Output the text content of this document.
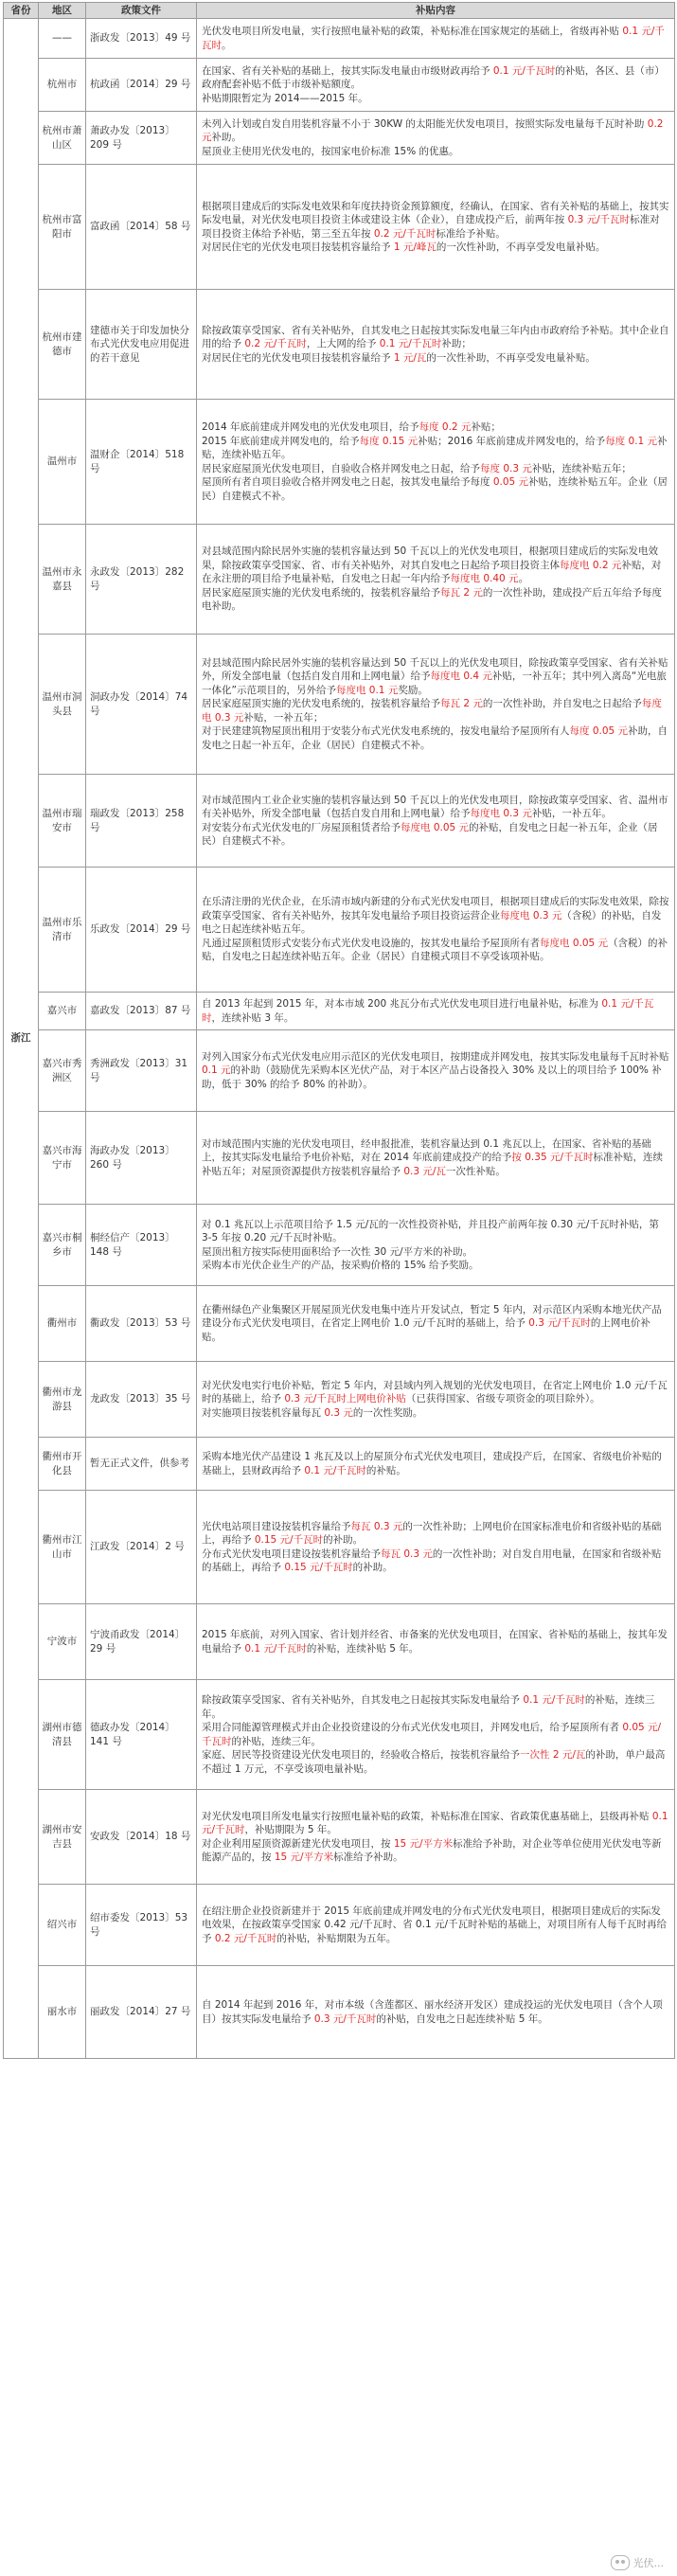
省份	地区	政策文件	补贴内容
浙江	——	浙政发〔2013〕49 号	光伏发电项目所发电量，实行按照电量补贴的政策，补贴标准在国家规定的基础上，省级再补贴 0.1 元/千瓦时。

	杭州市	杭政函〔2014〕29 号	在国家、省有关补贴的基础上，按其实际发电量由市级财政再给予 0.1 元/千瓦时的补贴，各区、县（市）政府配套补贴不低于市级补贴额度。

补贴期限暂定为 2014——2015 年。

	杭州市萧山区	萧政办发〔2013〕209 号	未列入计划或自发自用装机容量不小于 30KW 的太阳能光伏发电项目，按照实际发电量每千瓦时补助 0.2 元补助。

屋顶业主使用光伏发电的，按国家电价标准 15% 的优惠。

	杭州市富阳市	富政函〔2014〕58 号	根据项目建成后的实际发电效果和年度扶持资金预算额度，经确认，在国家、省有关补贴的基础上，按其实际发电量，对光伏发电项目投资主体或建设主体（企业），自建成投产后，前两年按 0.3 元/千瓦时标准对项目投资主体给予补贴，第三至五年按 0.2 元/千瓦时标准给予补贴。

对居民住宅的光伏发电项目按装机容量给予 1 元/峰瓦的一次性补助，不再享受发电量补贴。

	杭州市建德市	建德市关于印发加快分布式光伏发电应用促进的若干意见	除按政策享受国家、省有关补贴外，自其发电之日起按其实际发电量三年内由市政府给予补贴。其中企业自用的给予 0.2 元/千瓦时，上大网的给予 0.1 元/千瓦时补助；

对居民住宅的光伏发电项目按装机容量给予 1 元/瓦的一次性补助，不再享受发电量补贴。

	温州市	温财企〔2014〕518 号	2014 年底前建成并网发电的光伏发电项目，给予每度 0.2 元补贴；

2015 年底前建成并网发电的，给予每度 0.15 元补贴；2016 年底前建成并网发电的，给予每度 0.1 元补贴，连续补贴五年。

居民家庭屋顶光伏发电项目，自验收合格并网发电之日起，给予每度 0.3 元补贴，连续补贴五年；

屋顶所有者自项目验收合格并网发电之日起，按其发电量给予每度 0.05 元补贴，连续补贴五年。企业（居民）自建模式不补。

	温州市永嘉县	永政发〔2013〕282 号	对县域范围内除民居外实施的装机容量达到 50 千瓦以上的光伏发电项目，根据项目建成后的实际发电效果，除按政策享受国家、省、市有关补贴外，对其自发电之日起给予项目投资主体每度电 0.2 元补贴，对在永注册的项目给予电量补贴，自发电之日起一年内给予每度电 0.40 元。

居民家庭屋顶实施的光伏发电系统的，按装机容量给予每瓦 2 元的一次性补助，建成投产后五年给予每度电补助。

	温州市洞头县	洞政办发〔2014〕74 号	对县域范围内除民居外实施的装机容量达到 50 千瓦以上的光伏发电项目，除按政策享受国家、省有关补贴外，所发全部电量（包括自发自用和上网电量）给予每度电 0.4 元补贴，一补五年；其中列入离岛“光电旅一体化”示范项目的，另外给予每度电 0.1 元奖励。

居民家庭屋顶实施的光伏发电系统的，按装机容量给予每瓦 2 元的一次性补助，并自发电之日起给予每度电 0.3 元补贴，一补五年；

对于民建建筑物屋顶出租用于安装分布式光伏发电系统的，按发电量给予屋顶所有人每度 0.05 元补助，自发电之日起一补五年，企业（居民）自建模式不补。

	温州市瑞安市	瑞政发〔2013〕258 号	对市域范围内工业企业实施的装机容量达到 50 千瓦以上的光伏发电项目，除按政策享受国家、省、温州市有关补贴外，所发全部电量（包括自发自用和上网电量）给予每度电 0.3 元补贴，一补五年。

对安装分布式光伏发电的厂房屋顶租赁者给予每度电 0.05 元的补贴，自发电之日起一补五年，企业（居民）自建模式不补。

	温州市乐清市	乐政发〔2014〕29 号	在乐清注册的光伏企业，在乐清市域内新建的分布式光伏发电项目，根据项目建成后的实际发电效果，除按政策享受国家、省有关补贴外，按其年发电量给予项目投资运营企业每度电 0.3 元（含税）的补贴，自发电之日起连续补贴五年。

凡通过屋顶租赁形式安装分布式光伏发电设施的，按其发电量给予屋顶所有者每度电 0.05 元（含税）的补贴，自发电之日起连续补贴五年。企业（居民）自建模式项目不享受该项补贴。

	嘉兴市	嘉政发〔2013〕87 号	自 2013 年起到 2015 年，对本市域 200 兆瓦分布式光伏发电项目进行电量补贴，标准为 0.1 元/千瓦时，连续补贴 3 年。

	嘉兴市秀洲区	秀洲政发〔2013〕31 号	对列入国家分布式光伏发电应用示范区的光伏发电项目，按期建成并网发电，按其实际发电量每千瓦时补贴 0.1 元的补助（鼓励优先采购本区光伏产品，对于本区产品占设备投入 30% 及以上的项目给予 100% 补助，低于 30% 的给予 80% 的补助）。

	嘉兴市海宁市	海政办发〔2013〕260 号	对市域范围内实施的光伏发电项目，经申报批准，装机容量达到 0.1 兆瓦以上，在国家、省补贴的基础上，按其实际发电量给予电价补贴，对在 2014 年底前建成投产的给予按 0.35 元/千瓦时标准补贴，连续补贴五年；对屋顶资源提供方按装机容量给予 0.3 元/瓦一次性补贴。

	嘉兴市桐乡市	桐经信产〔2013〕148 号	对 0.1 兆瓦以上示范项目给予 1.5 元/瓦的一次性投资补贴，并且投产前两年按 0.30 元/千瓦时补贴，第 3-5 年按 0.20 元/千瓦时补贴。

屋顶出租方按实际使用面积给予一次性 30 元/平方米的补助。

采购本市光伏企业生产的产品，按采购价格的 15% 给予奖励。

	衢州市	衢政发〔2013〕53 号	在衢州绿色产业集聚区开展屋顶光伏发电集中连片开发试点，暂定 5 年内，对示范区内采购本地光伏产品建设分布式光伏发电项目，在省定上网电价 1.0 元/千瓦时的基础上，给予 0.3 元/千瓦时的上网电价补贴。

	衢州市龙游县	龙政发〔2013〕35 号	对光伏发电实行电价补贴，暂定 5 年内，对县域内列入规划的光伏发电项目，在省定上网电价 1.0 元/千瓦时的基础上，给予 0.3 元/千瓦时上网电价补贴（已获得国家、省级专项资金的项目除外）。

对实施项目按装机容量每瓦 0.3 元的一次性奖励。

	衢州市开化县	暂无正式文件，供参考	采购本地光伏产品建设 1 兆瓦及以上的屋顶分布式光伏发电项目，建成投产后，在国家、省级电价补贴的基础上，县财政再给予 0.1 元/千瓦时的补贴。

	衢州市江山市	江政发〔2014〕2 号	光伏电站项目建设按装机容量给予每瓦 0.3 元的一次性补助；上网电价在国家标准电价和省级补贴的基础上，再给予 0.15 元/千瓦时的补助。

分布式光伏发电项目建设按装机容量给予每瓦 0.3 元的一次性补助；对自发自用电量，在国家和省级补贴的基础上，再给予 0.15 元/千瓦时的补助。

	宁波市	宁波甬政发〔2014〕29 号	2015 年底前，对列入国家、省计划并经省、市备案的光伏发电项目，在国家、省补贴的基础上，按其年发电量给予 0.1 元/千瓦时的补贴，连续补贴 5 年。

	湖州市德清县	德政办发〔2014〕141 号	除按政策享受国家、省有关补贴外，自其发电之日起按其实际发电量给予 0.1 元/千瓦时的补贴，连续三年。

采用合同能源管理模式并由企业投资建设的分布式光伏发电项目，并网发电后，给予屋顶所有者 0.05 元/千瓦时的补贴，连续三年。

家庭、居民等投资建设光伏发电项目的，经验收合格后，按装机容量给予一次性 2 元/瓦的补助，单户最高不超过 1 万元，不享受该项电量补贴。

	湖州市安吉县	安政发〔2014〕18 号	对光伏发电项目所发电量实行按照电量补贴的政策，补贴标准在国家、省政策优惠基础上，县级再补贴 0.1 元/千瓦时，补贴期限为 5 年。

对企业利用屋顶资源新建光伏发电项目，按 15 元/平方米标准给予补助，对企业等单位使用光伏发电等新能源产品的，按 15 元/平方米标准给予补助。

	绍兴市	绍市委发〔2013〕53 号	在绍注册企业投资新建并于 2015 年底前建成并网发电的分布式光伏发电项目，根据项目建成后的实际发电效果，在按政策享受国家 0.42 元/千瓦时、省 0.1 元/千瓦时补贴的基础上，对项目所有人每千瓦时再给予 0.2 元/千瓦时的补贴，补贴期限为五年。

	丽水市	丽政发〔2014〕27 号	自 2014 年起到 2016 年，对市本级（含莲都区、丽水经济开发区）建成投运的光伏发电项目（含个人项目）按其实际发电量给予 0.3 元/千瓦时的补贴，自发电之日起连续补贴 5 年。

光伏...
